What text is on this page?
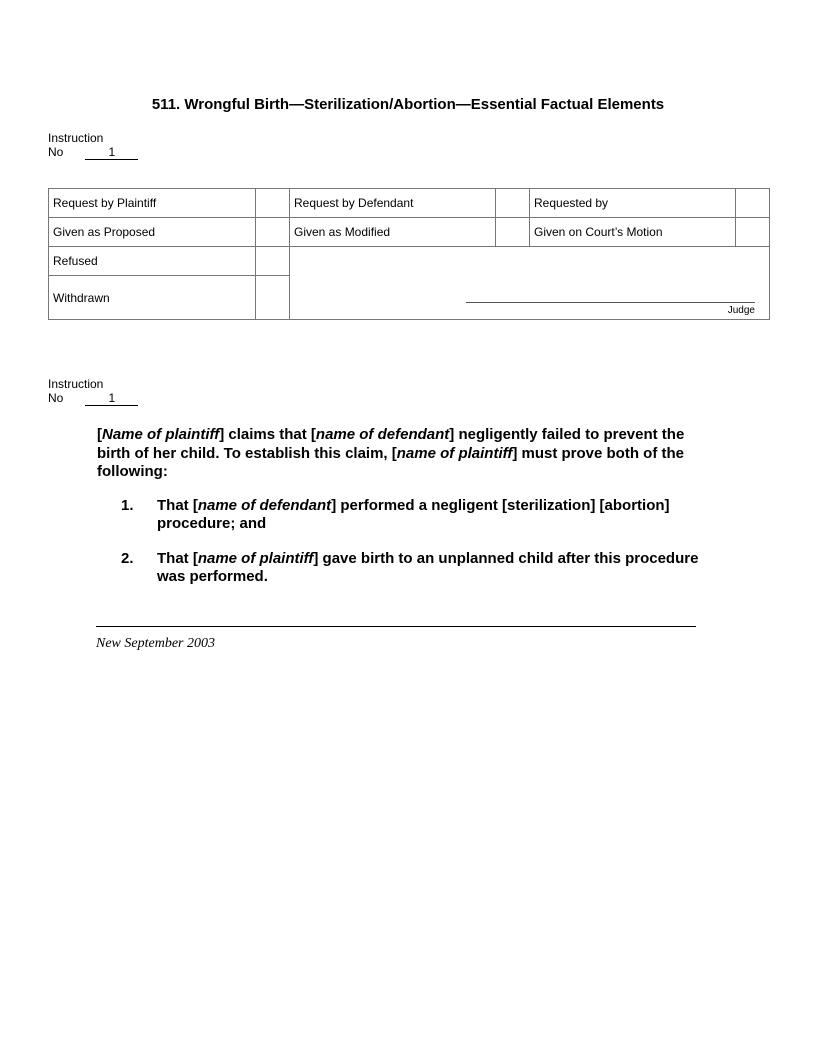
511. Wrongful Birth—Sterilization/Abortion—Essential Factual Elements
Instruction
No	1
Request by Plaintiff		Request by Defendant		Requested by	
Given as Proposed		Given as Modified		Given on Court’s Motion	
Refused		Judge			

Withdrawn					
Instruction
No	1

[Name of plaintiff] claims that [name of defendant] negligently failed to prevent the birth of her child. To establish this claim, [name of plaintiff] must prove both of the following:

1. That [name of defendant] performed a negligent [sterilization] [abortion] procedure; and
2. That [name of plaintiff] gave birth to an unplanned child after this procedure was performed.
New September 2003
